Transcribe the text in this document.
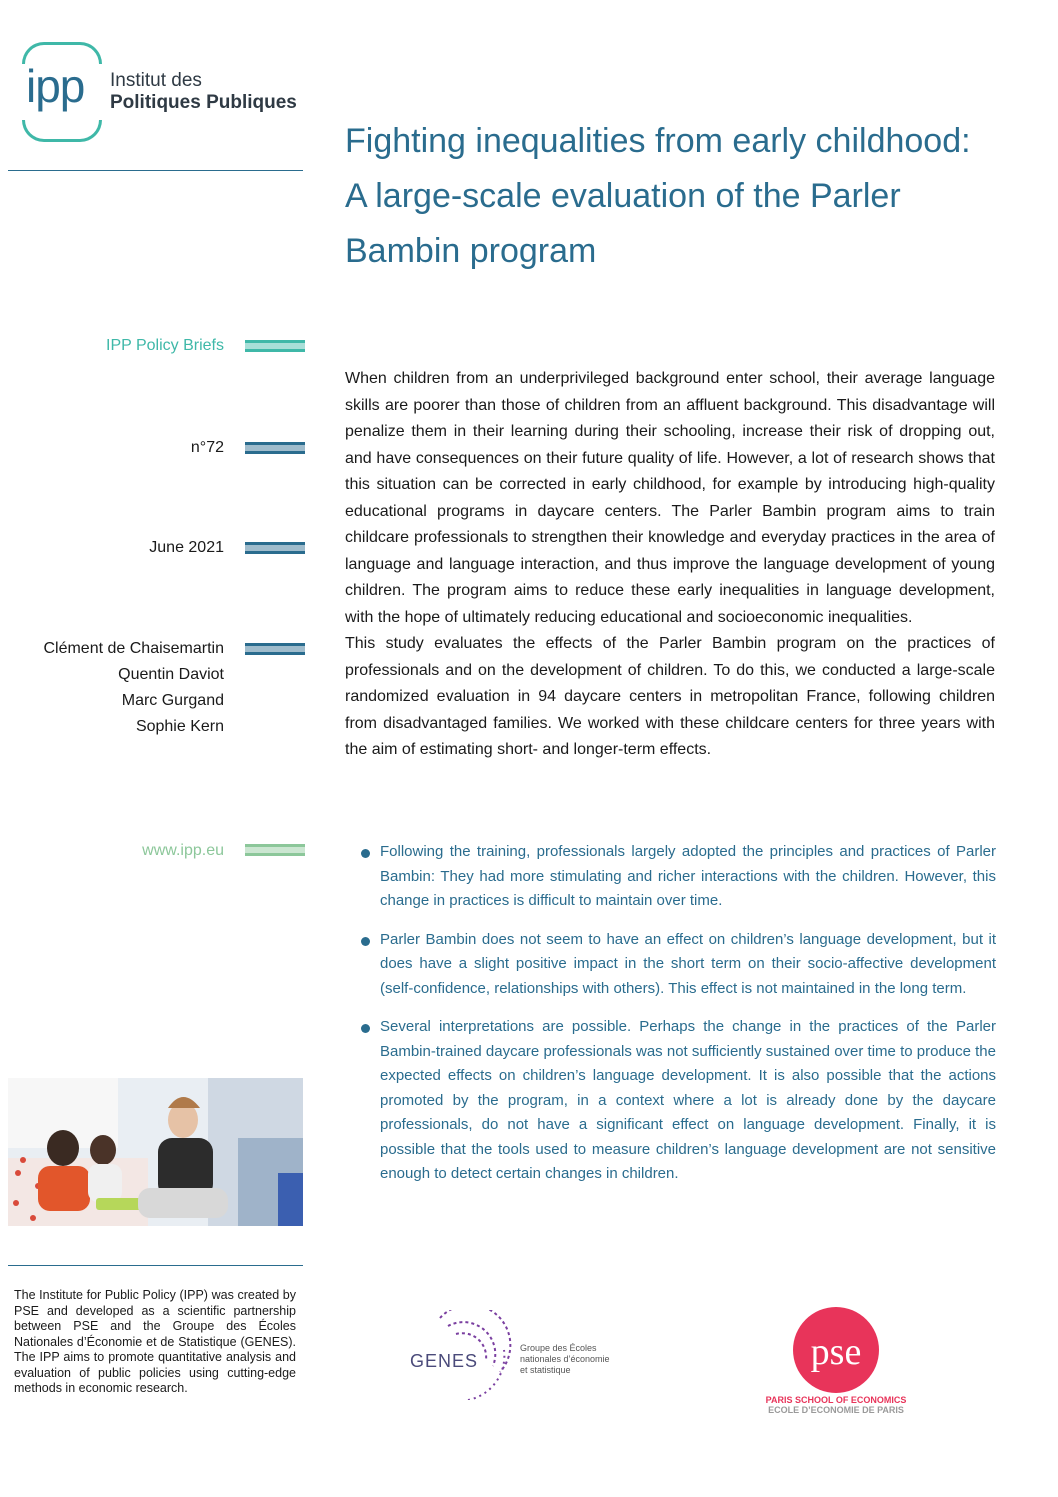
ipp Institut des
Politiques Publiques
Fighting inequalities from early childhood: A large-scale evaluation of the Parler Bambin program
IPP Policy Briefs
n°72
June 2021
Clément de Chaisemartin
Quentin Daviot
Marc Gurgand
Sophie Kern
www.ipp.eu

When children from an underprivileged background enter school, their average language skills are poorer than those of children from an affluent background. This disadvantage will penalize them in their learning during their schooling, increase their risk of dropping out, and have consequences on their future quality of life. However, a lot of research shows that this situation can be corrected in early childhood, for example by introducing high-quality educational programs in daycare centers. The Parler Bambin program aims to train childcare professionals to strengthen their knowledge and everyday practices in the area of language and language interaction, and thus improve the language development of young children. The program aims to reduce these early inequalities in language development, with the hope of ultimately reducing educational and socioeconomic inequalities.

This study evaluates the effects of the Parler Bambin program on the practices of professionals and on the development of children. To do this, we conducted a large-scale randomized evaluation in 94 daycare centers in metropolitan France, following children from disadvantaged families. We worked with these childcare centers for three years with the aim of estimating short- and longer-term effects.

Following the training, professionals largely adopted the principles and practices of Parler Bambin: They had more stimulating and richer interactions with the children. However, this change in practices is difficult to maintain over time.
Parler Bambin does not seem to have an effect on children’s language development, but it does have a slight positive impact in the short term on their socio-affective development (self-confidence, relationships with others). This effect is not maintained in the long term.
Several interpretations are possible. Perhaps the change in the practices of the Parler Bambin-trained daycare professionals was not sufficiently sustained over time to produce the expected effects on children’s language development. It is also possible that the actions promoted by the program, in a context where a lot is already done by the daycare professionals, do not have a significant effect on language development. Finally, it is possible that the tools used to measure children’s language development are not sensitive enough to detect certain changes in children.
The Institute for Public Policy (IPP) was created by PSE and developed as a scientific partnership between PSE and the Groupe des Écoles Nationales d’Économie et de Statistique (GENES). The IPP aims to promote quantitative analysis and evaluation of public policies using cutting-edge methods in economic research.
GENES
Groupe des Écoles
nationales d’économie
et statistique	pse
PARIS SCHOOL OF ECONOMICS
ECOLE D’ECONOMIE DE PARIS
